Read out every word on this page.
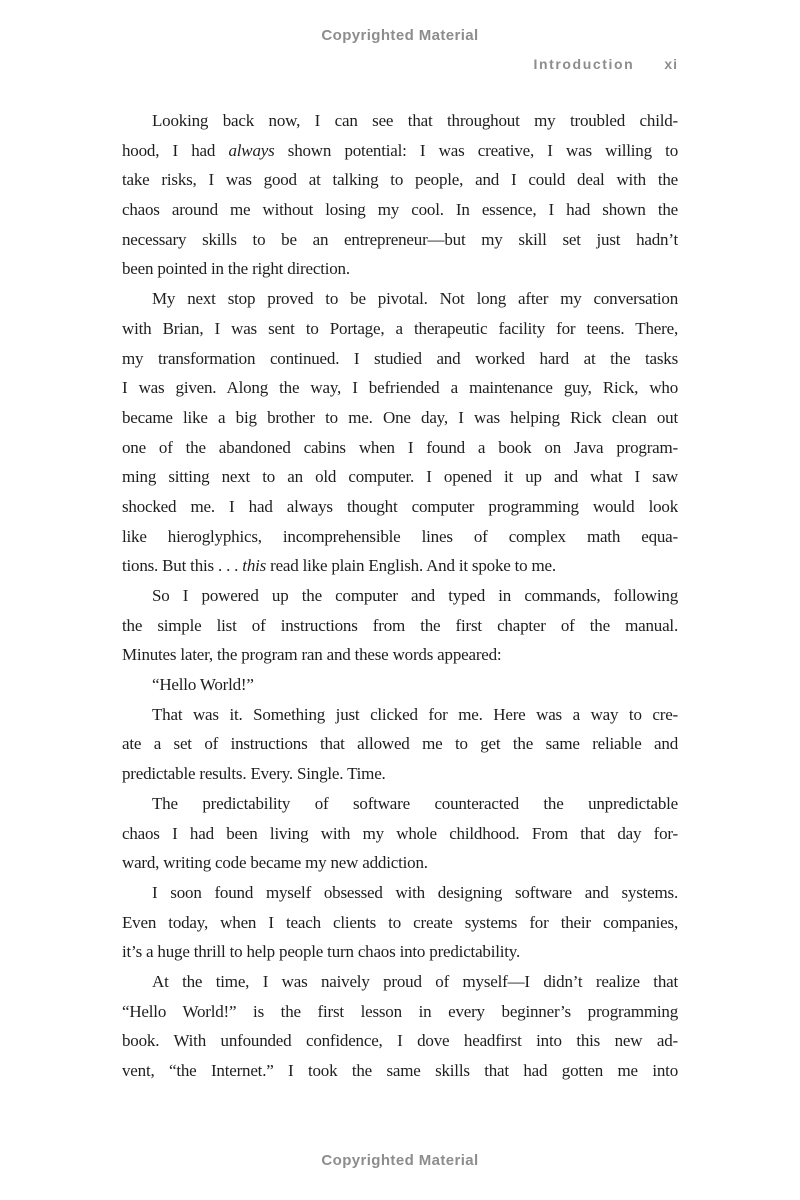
Copyrighted Material
Introduction xi
Looking back now, I can see that throughout my troubled child-
hood, I had always shown potential: I was creative, I was willing to
take risks, I was good at talking to people, and I could deal with the
chaos around me without losing my cool. In essence, I had shown the
necessary skills to be an entrepreneur—but my skill set just hadn’t
been pointed in the right direction.
My next stop proved to be pivotal. Not long after my conversation
with Brian, I was sent to Portage, a therapeutic facility for teens. There,
my transformation continued. I studied and worked hard at the tasks
I was given. Along the way, I befriended a maintenance guy, Rick, who
became like a big brother to me. One day, I was helping Rick clean out
one of the abandoned cabins when I found a book on Java program-
ming sitting next to an old computer. I opened it up and what I saw
shocked me. I had always thought computer programming would look
like hieroglyphics, incomprehensible lines of complex math equa-
tions. But this . . . this read like plain English. And it spoke to me.
So I powered up the computer and typed in commands, following
the simple list of instructions from the first chapter of the manual.
Minutes later, the program ran and these words appeared:
“Hello World!”
That was it. Something just clicked for me. Here was a way to cre-
ate a set of instructions that allowed me to get the same reliable and
predictable results. Every. Single. Time.
The predictability of software counteracted the unpredictable
chaos I had been living with my whole childhood. From that day for-
ward, writing code became my new addiction.
I soon found myself obsessed with designing software and systems.
Even today, when I teach clients to create systems for their companies,
it’s a huge thrill to help people turn chaos into predictability.
At the time, I was naively proud of myself—I didn’t realize that
“Hello World!” is the first lesson in every beginner’s programming
book. With unfounded confidence, I dove headfirst into this new ad-
vent, “the Internet.” I took the same skills that had gotten me into
Copyrighted Material
